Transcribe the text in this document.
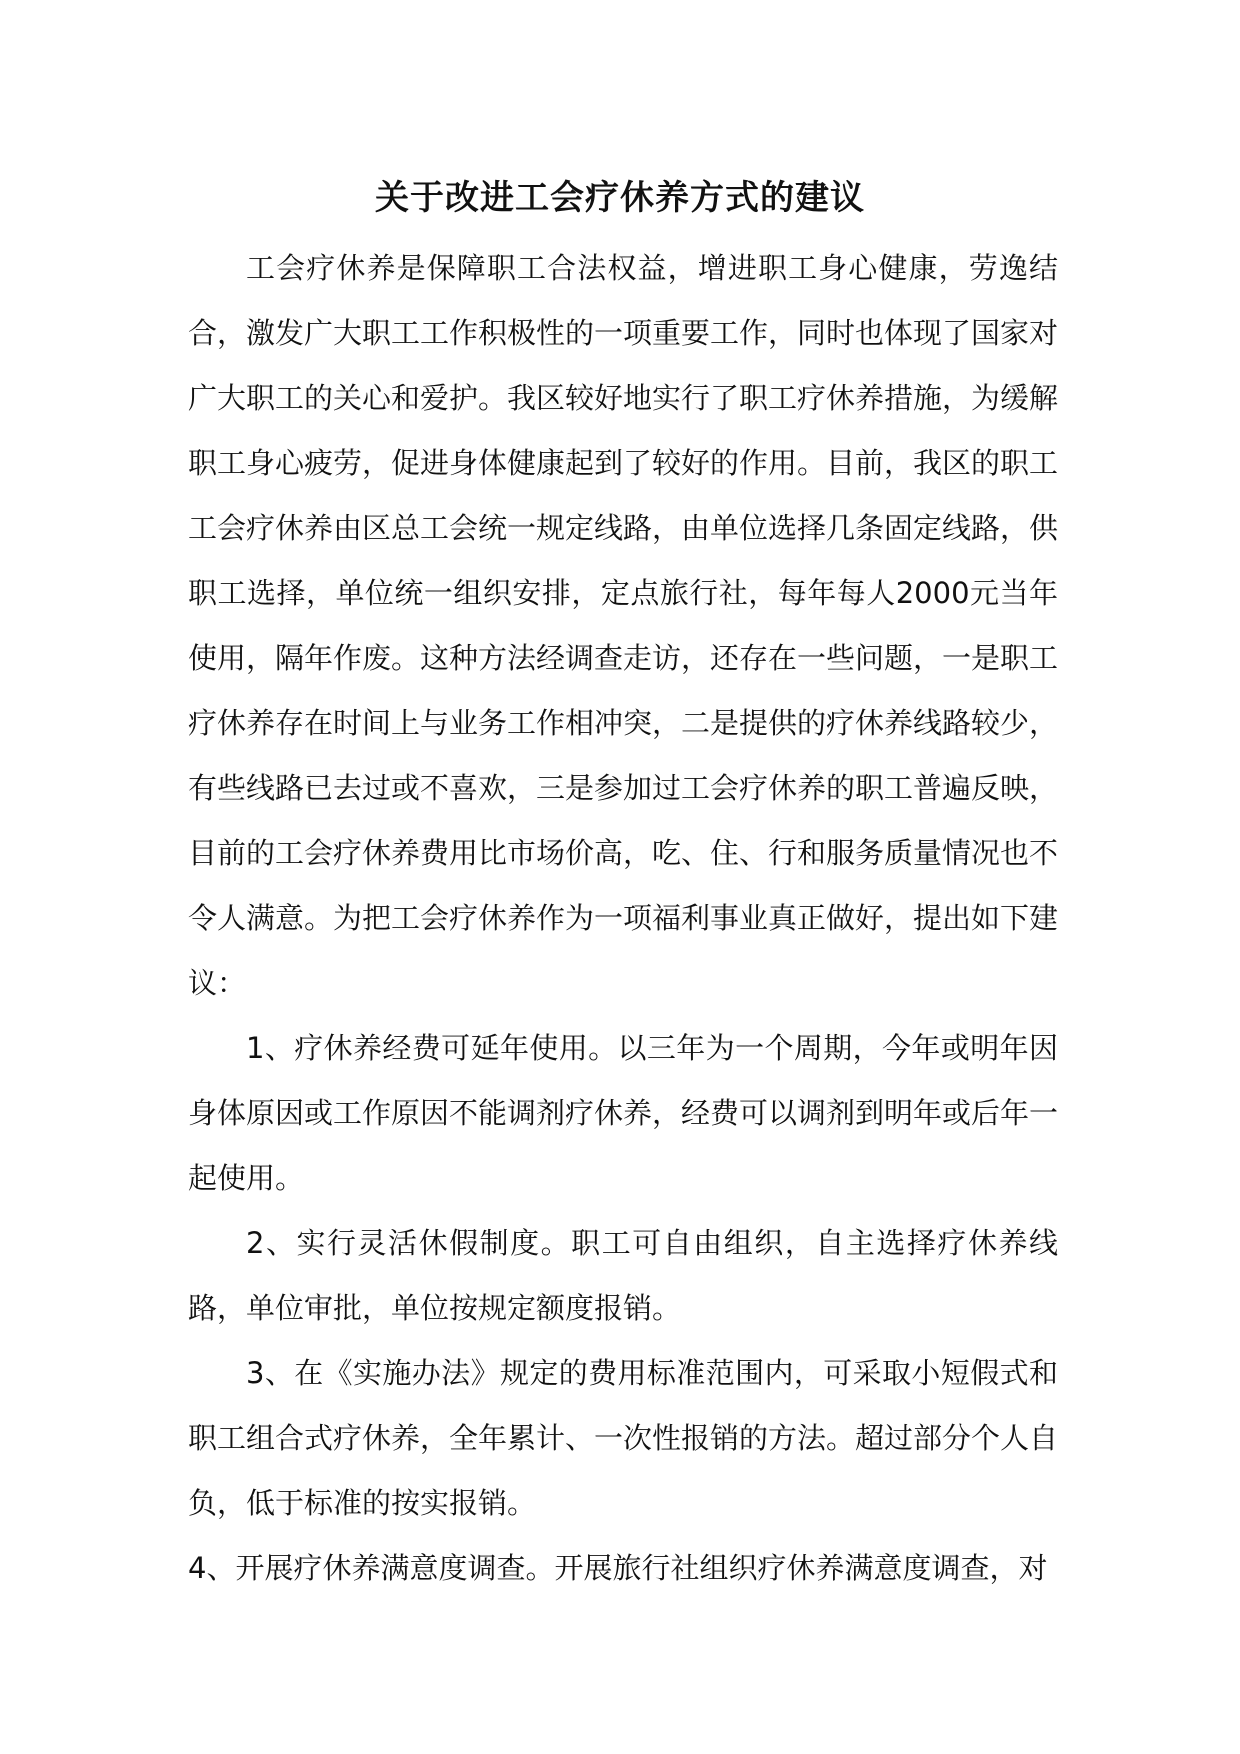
关于改进工会疗休养方式的建议

工会疗休养是保障职工合法权益，增进职工身心健康，劳逸结合，激发广大职工工作积极性的一项重要工作，同时也体现了国家对广大职工的关心和爱护。我区较好地实行了职工疗休养措施，为缓解职工身心疲劳，促进身体健康起到了较好的作用。目前，我区的职工工会疗休养由区总工会统一规定线路，由单位选择几条固定线路，供职工选择，单位统一组织安排，定点旅行社，每年每人2000元当年使用，隔年作废。这种方法经调查走访，还存在一些问题，一是职工疗休养存在时间上与业务工作相冲突，二是提供的疗休养线路较少，有些线路已去过或不喜欢，三是参加过工会疗休养的职工普遍反映，目前的工会疗休养费用比市场价高，吃、住、行和服务质量情况也不令人满意。为把工会疗休养作为一项福利事业真正做好，提出如下建议：

1、疗休养经费可延年使用。以三年为一个周期，今年或明年因身体原因或工作原因不能调剂疗休养，经费可以调剂到明年或后年一起使用。

2、实行灵活休假制度。职工可自由组织，自主选择疗休养线路，单位审批，单位按规定额度报销。

3、在《实施办法》规定的费用标准范围内，可采取小短假式和职工组合式疗休养，全年累计、一次性报销的方法。超过部分个人自负，低于标准的按实报销。

4、开展疗休养满意度调查。开展旅行社组织疗休养满意度调查，对
